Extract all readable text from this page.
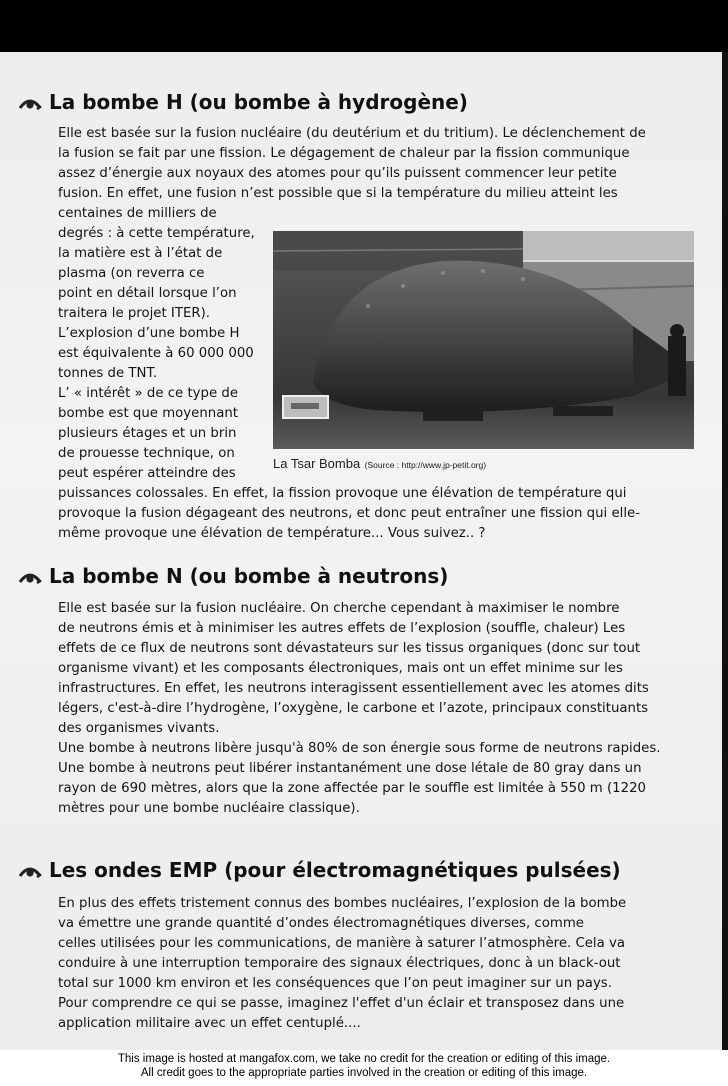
La bombe H (ou bombe à hydrogène)

Elle est basée sur la fusion nucléaire (du deutérium et du tritium). Le déclenchement de

la fusion se fait par une fission. Le dégagement de chaleur par la fission communique

assez d’énergie aux noyaux des atomes pour qu’ils puissent commencer leur petite

fusion. En effet, une fusion n’est possible que si la température du milieu atteint les

centaines de milliers de

degrés : à cette température,

la matière est à l’état de

plasma (on reverra ce

point en détail lorsque l’on

traitera le projet ITER).

L’explosion d’une bombe H

est équivalente à 60 000 000

tonnes de TNT.

L’ « intérêt » de ce type de

bombe est que moyennant

plusieurs étages et un brin

de prouesse technique, on

peut espérer atteindre des

puissances colossales. En effet, la fission provoque une élévation de température qui

provoque la fusion dégageant des neutrons, et donc peut entraîner une fission qui elle-

même provoque une élévation de température... Vous suivez.. ?

La bombe N (ou bombe à neutrons)

Elle est basée sur la fusion nucléaire. On cherche cependant à maximiser le nombre

de neutrons émis et à minimiser les autres effets de l’explosion (souffle, chaleur) Les

effets de ce flux de neutrons sont dévastateurs sur les tissus organiques (donc sur tout

organisme vivant) et les composants électroniques, mais ont un effet minime sur les

infrastructures. En effet, les neutrons interagissent essentiellement avec les atomes dits

légers, c'est-à-dire l’hydrogène, l’oxygène, le carbone et l’azote, principaux constituants

des organismes vivants.

Une bombe à neutrons libère jusqu'à 80% de son énergie sous forme de neutrons rapides.

Une bombe à neutrons peut libérer instantanément une dose létale de 80 gray dans un

rayon de 690 mètres, alors que la zone affectée par le souffle est limitée à 550 m (1220

mètres pour une bombe nucléaire classique).

Les ondes EMP (pour électromagnétiques pulsées)

En plus des effets tristement connus des bombes nucléaires, l’explosion de la bombe

va émettre une grande quantité d’ondes électromagnétiques diverses, comme

celles utilisées pour les communications, de manière à saturer l’atmosphère. Cela va

conduire à une interruption temporaire des signaux électriques, donc à un black-out

total sur 1000 km environ et les conséquences que l’on peut imaginer sur un pays.

Pour comprendre ce qui se passe, imaginez l'effet d'un éclair et transposez dans une

application militaire avec un effet centuplé....

La Tsar Bomba (Source : http://www.jp-petit.org)
This image is hosted at mangafox.com, we take no credit for the creation or editing of this image.
All credit goes to the appropriate parties involved in the creation or editing of this image.
